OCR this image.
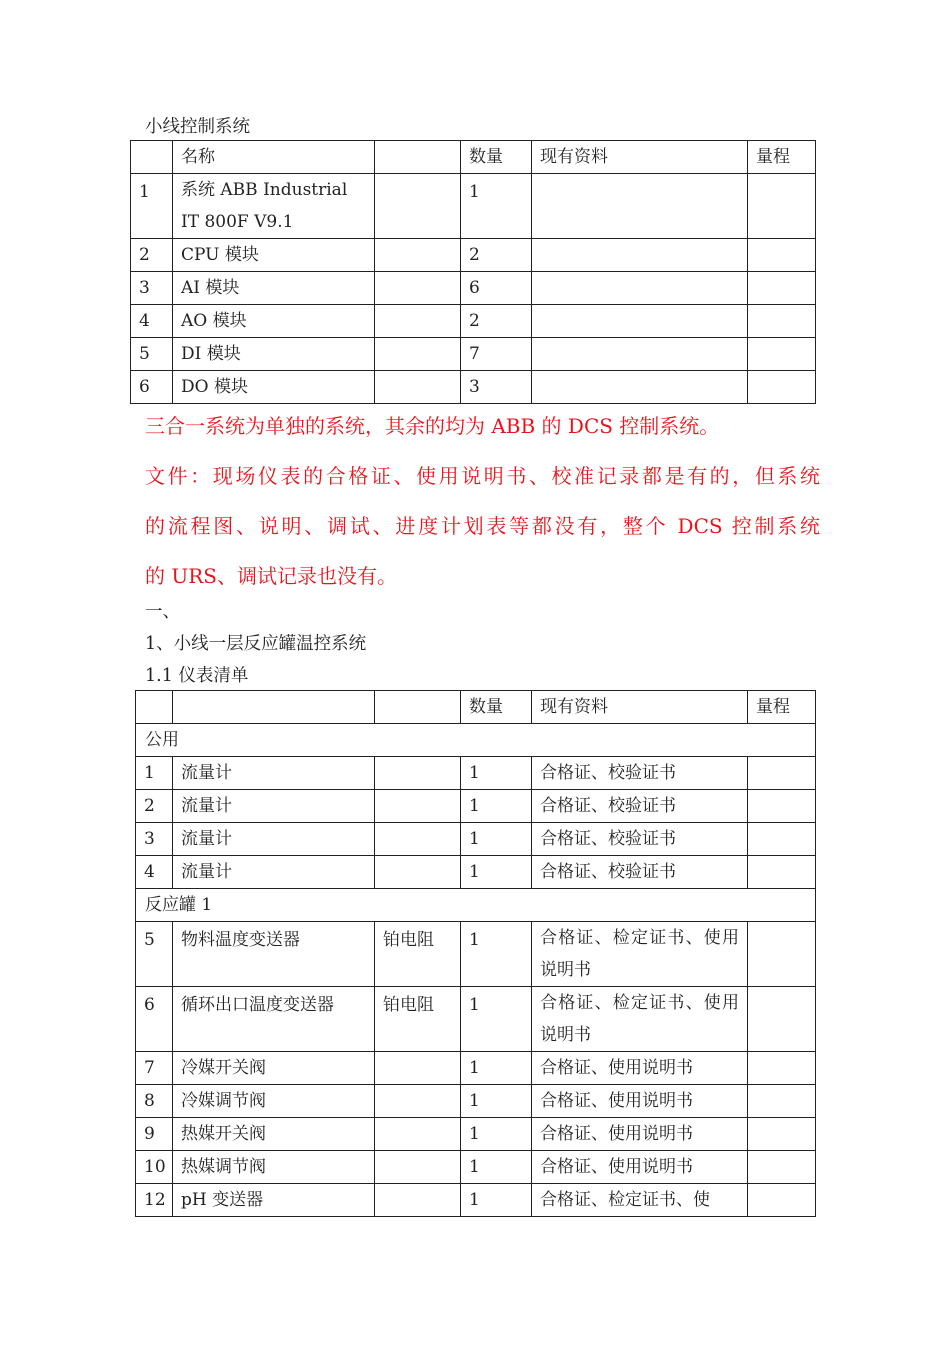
小线控制系统
	名称		数量	现有资料	量程
1	系统 ABB Industrial IT 800F V9.1		1		
2	CPU 模块		2		
3	AI 模块		6		
4	AO 模块		2		
5	DI 模块		7		
6	DO 模块		3		
三合一系统为单独的系统，其余的均为 ABB 的 DCS 控制系统。
文件：现场仪表的合格证、使用说明书、校准记录都是有的，但系统
的流程图、说明、调试、进度计划表等都没有，整个 DCS 控制系统
的 URS、调试记录也没有。
一、
1、小线一层反应罐温控系统
1.1 仪表清单
			数量	现有资料	量程
公用					
1	流量计		1	合格证、校验证书	
2	流量计		1	合格证、校验证书	
3	流量计		1	合格证、校验证书	
4	流量计		1	合格证、校验证书	
反应罐 1					
5	物料温度变送器	铂电阻	1	合格证、检定证书、使用说明书	
6	循环出口温度变送器	铂电阻	1	合格证、检定证书、使用说明书	
7	冷媒开关阀		1	合格证、使用说明书	
8	冷媒调节阀		1	合格证、使用说明书	
9	热媒开关阀		1	合格证、使用说明书	
10	热媒调节阀		1	合格证、使用说明书	
12	pH 变送器		1	合格证、检定证书、使	
